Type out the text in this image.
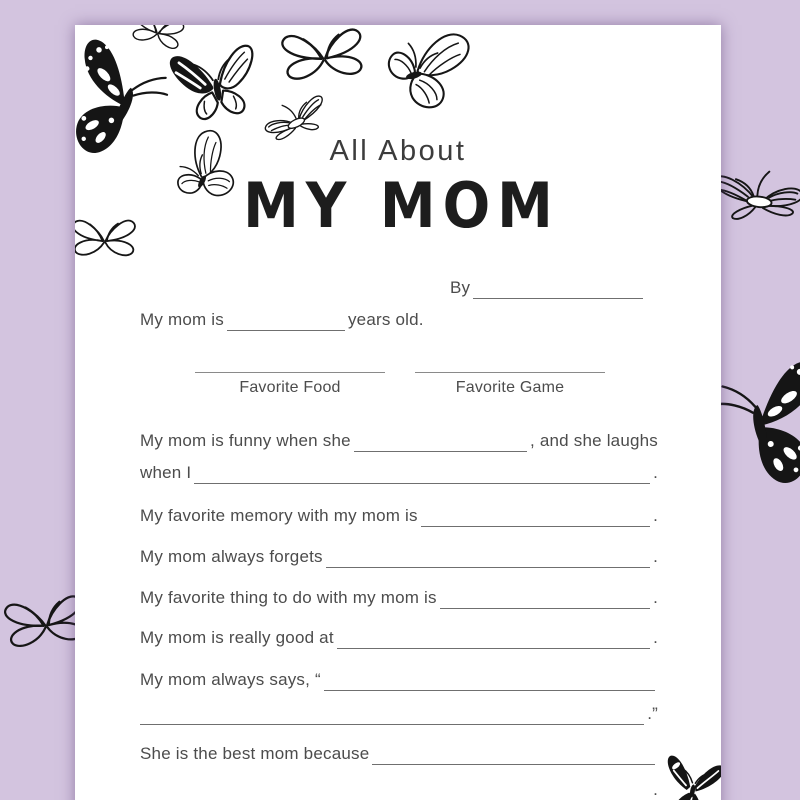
All About
MY MOM
By
My mom is	years old.
Favorite Food	Favorite Game
My mom is funny when she	, and she laughs
when I	.
My favorite memory with my mom is	.
My mom always forgets	.
My favorite thing to do with my mom is	.
My mom is really good at	.
My mom always says, “
.”
She is the best mom because
.
